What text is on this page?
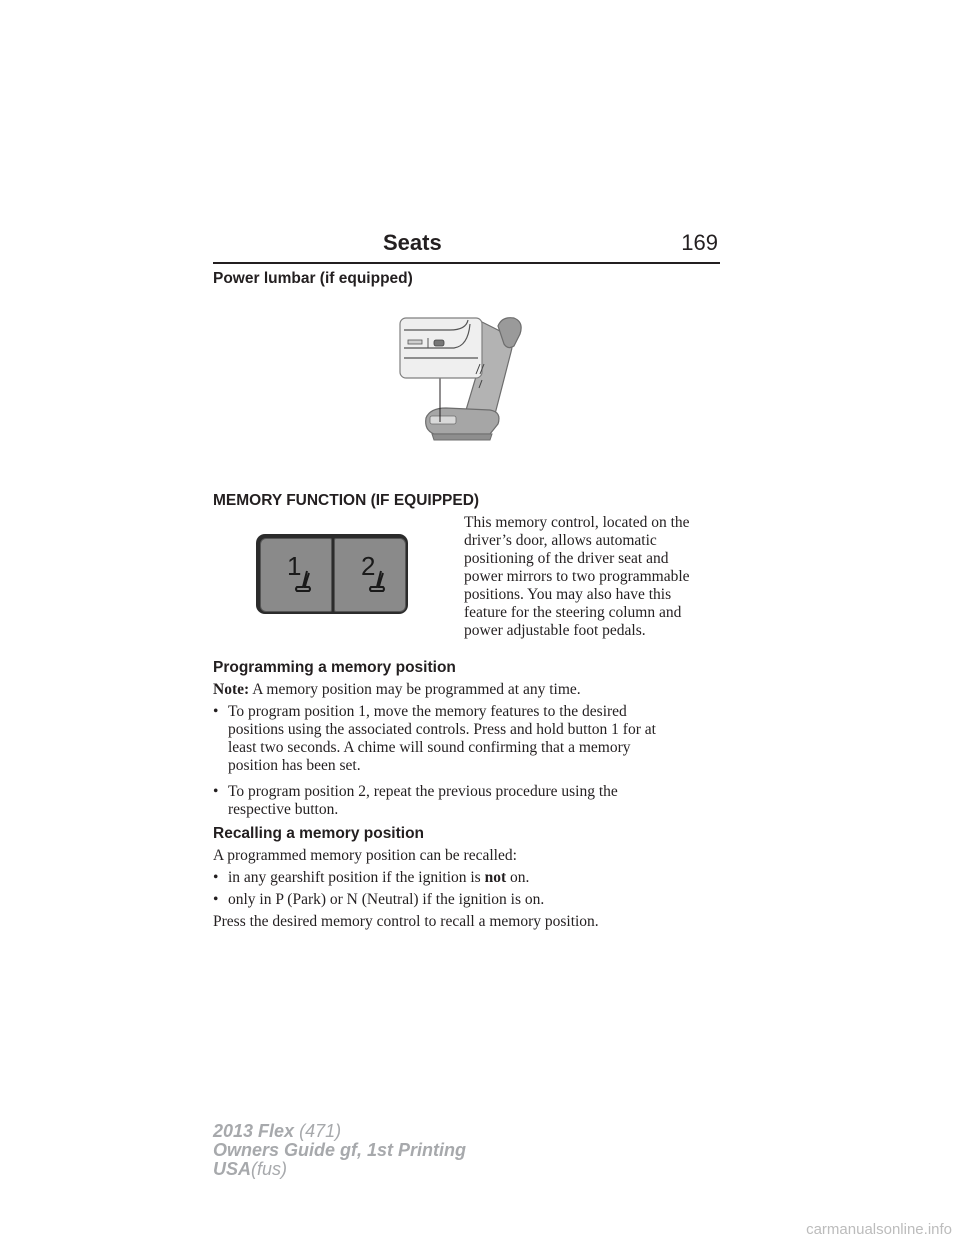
Seats	169
Power lumbar (if equipped)
MEMORY FUNCTION (IF EQUIPPED)
1 2
This memory control, located on the
driver’s door, allows automatic
positioning of the driver seat and
power mirrors to two programmable
positions. You may also have this
feature for the steering column and
power adjustable foot pedals.
Programming a memory position
Note: A memory position may be programmed at any time.
• To program position 1, move the memory features to the desired
positions using the associated controls. Press and hold button 1 for at
least two seconds. A chime will sound confirming that a memory
position has been set.
• To program position 2, repeat the previous procedure using the
respective button.
Recalling a memory position
A programmed memory position can be recalled:
• in any gearshift position if the ignition is not on.
• only in P (Park) or N (Neutral) if the ignition is on.
Press the desired memory control to recall a memory position.
2013 Flex (471)
Owners Guide gf, 1st Printing
USA(fus)
carmanualsonline.info
